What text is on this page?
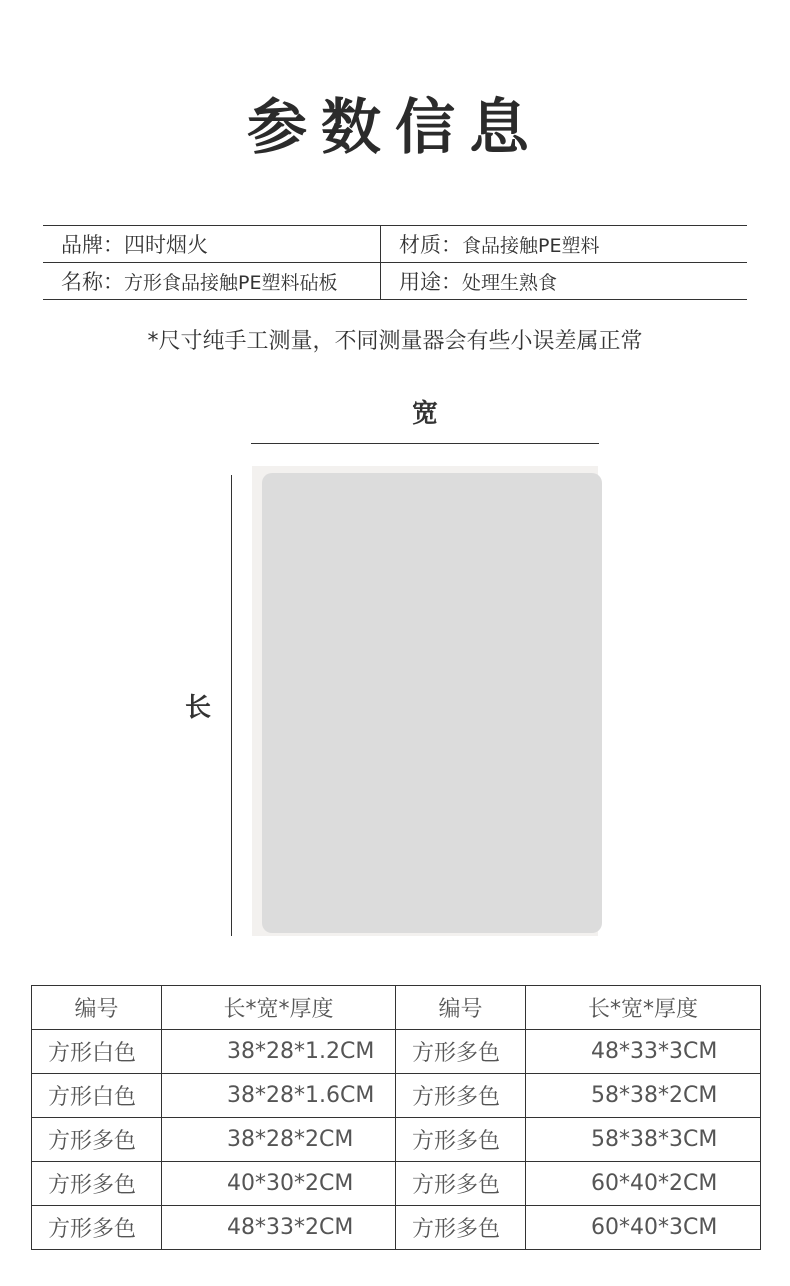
参数信息
品牌：四时烟火	材质：食品接触PE塑料
名称：方形食品接触PE塑料砧板	用途：处理生熟食
*尺寸纯手工测量，不同测量器会有些小误差属正常
宽
长
编号	长*宽*厚度	编号	长*宽*厚度
方形白色	38*28*1.2CM	方形多色	48*33*3CM
方形白色	38*28*1.6CM	方形多色	58*38*2CM
方形多色	38*28*2CM	方形多色	58*38*3CM
方形多色	40*30*2CM	方形多色	60*40*2CM
方形多色	48*33*2CM	方形多色	60*40*3CM
